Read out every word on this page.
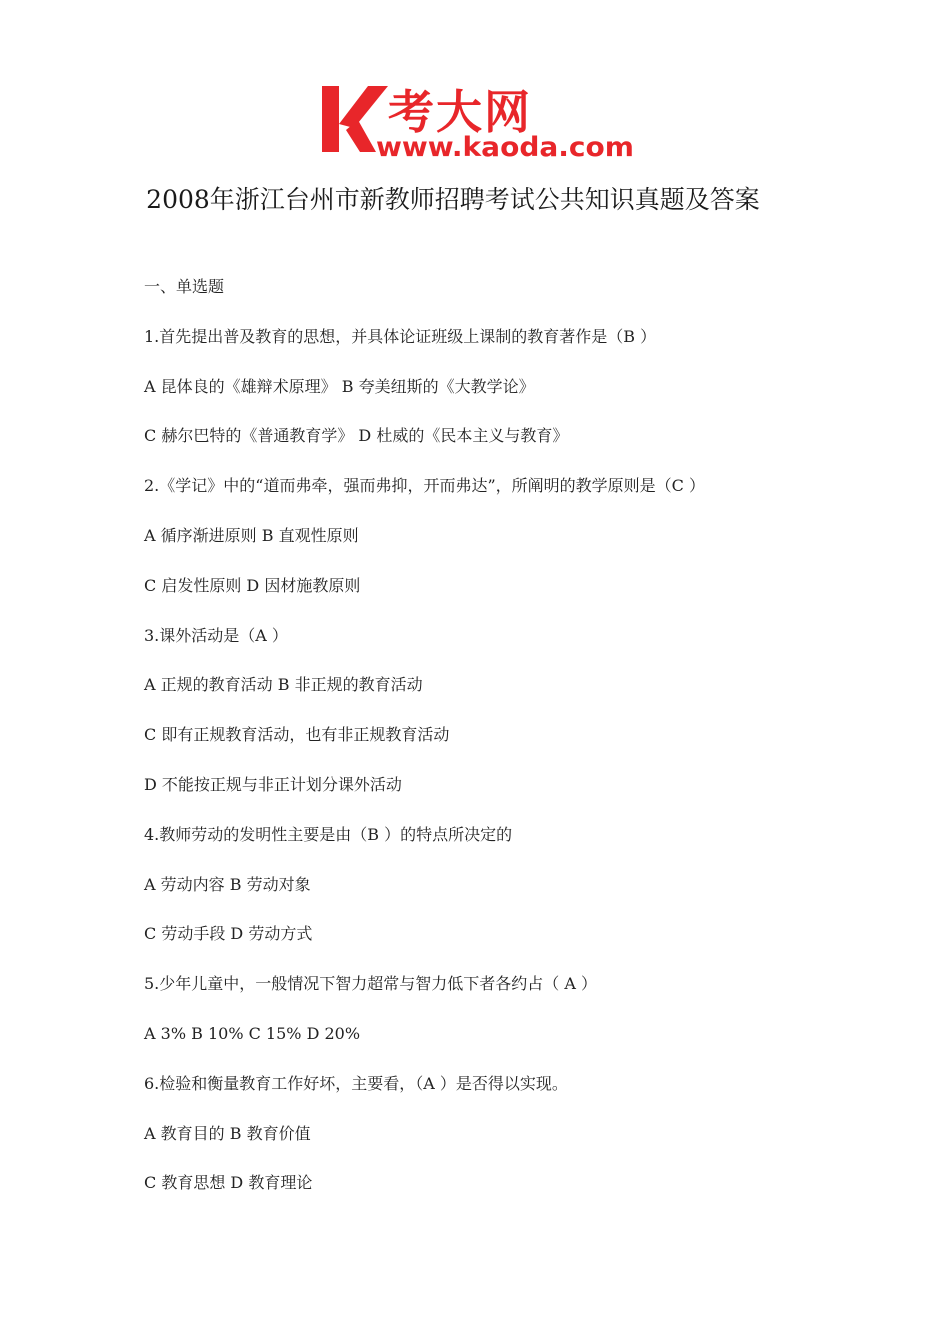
考大网
www.kaoda.com
2008年浙江台州市新教师招聘考试公共知识真题及答案
一、单选题
1.首先提出普及教育的思想，并具体论证班级上课制的教育著作是（B ）
A 昆体良的《雄辩术原理》 B 夸美纽斯的《大教学论》
C 赫尔巴特的《普通教育学》 D 杜威的《民本主义与教育》
2.《学记》中的“道而弗牵，强而弗抑，开而弗达”，所阐明的教学原则是（C ）
A 循序渐进原则 B 直观性原则
C 启发性原则 D 因材施教原则
3.课外活动是（A ）
A 正规的教育活动 B 非正规的教育活动
C 即有正规教育活动，也有非正规教育活动
D 不能按正规与非正计划分课外活动
4.教师劳动的发明性主要是由（B ）的特点所决定的
A 劳动内容 B 劳动对象
C 劳动手段 D 劳动方式
5.少年儿童中，一般情况下智力超常与智力低下者各约占（ A ）
A 3% B 10% C 15% D 20%
6.检验和衡量教育工作好坏，主要看，（A ）是否得以实现。
A 教育目的 B 教育价值
C 教育思想 D 教育理论
